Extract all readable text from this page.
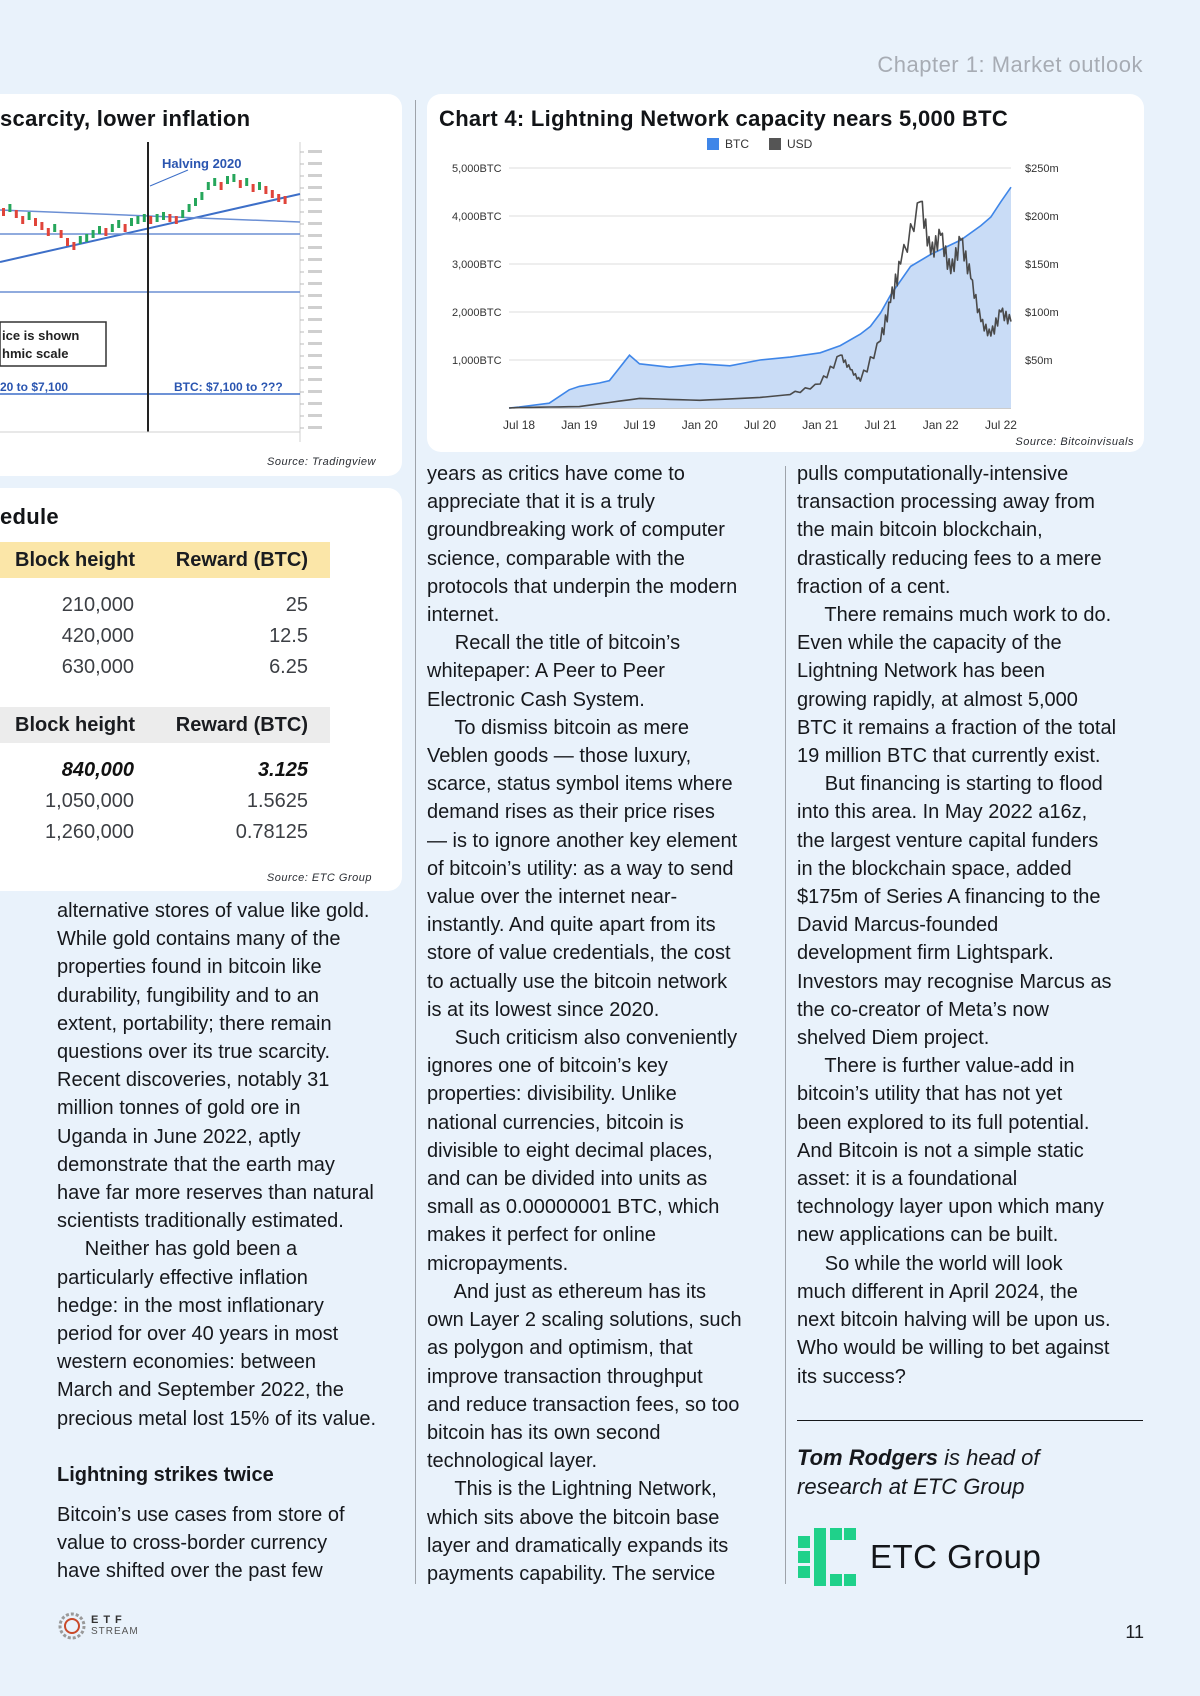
Chapter 1: Market outlook
scarcity, lower inflation
Halving 2020
ice is shown
hmic scale
20 to $7,100	BTC: $7,100 to ???
Source: Tradingview
edule
Block height Reward (BTC)
210,000	25
420,000	12.5
630,000	6.25
Block height Reward (BTC)
840,000	3.125
1,050,000	1.5625
1,260,000	0.78125
Source: ETC Group
1,000BTC
2,000BTC
3,000BTC
4,000BTC
5,000BTC
$50m
$100m
$150m
$200m
$250m
Jul 18 Jan 19 Jul 19 Jan 20 Jul 20 Jan 21 Jul 21 Jan 22 Jul 22
BTC	USD
Chart 4: Lightning Network capacity nears 5,000 BTC
Source: Bitcoinvisuals

alternative stores of value like gold.

While gold contains many of the

properties found in bitcoin like

durability, fungibility and to an

extent, portability; there remain

questions over its true scarcity.

Recent discoveries, notably 31

million tonnes of gold ore in

Uganda in June 2022, aptly

demonstrate that the earth may

have far more reserves than natural

scientists traditionally estimated.

Neither has gold been a

particularly effective inflation

hedge: in the most inflationary

period for over 40 years in most

western economies: between

March and September 2022, the

precious metal lost 15% of its value.

Lightning strikes twice

Bitcoin’s use cases from store of

value to cross-border currency

have shifted over the past few

years as critics have come to

appreciate that it is a truly

groundbreaking work of computer

science, comparable with the

protocols that underpin the modern

internet.

Recall the title of bitcoin’s

whitepaper: A Peer to Peer

Electronic Cash System.

To dismiss bitcoin as mere

Veblen goods — those luxury,

scarce, status symbol items where

demand rises as their price rises

— is to ignore another key element

of bitcoin’s utility: as a way to send

value over the internet near-

instantly. And quite apart from its

store of value credentials, the cost

to actually use the bitcoin network

is at its lowest since 2020.

Such criticism also conveniently

ignores one of bitcoin’s key

properties: divisibility. Unlike

national currencies, bitcoin is

divisible to eight decimal places,

and can be divided into units as

small as 0.00000001 BTC, which

makes it perfect for online

micropayments.

And just as ethereum has its

own Layer 2 scaling solutions, such

as polygon and optimism, that

improve transaction throughput

and reduce transaction fees, so too

bitcoin has its own second

technological layer.

This is the Lightning Network,

which sits above the bitcoin base

layer and dramatically expands its

payments capability. The service

pulls computationally-intensive

transaction processing away from

the main bitcoin blockchain,

drastically reducing fees to a mere

fraction of a cent.

There remains much work to do.

Even while the capacity of the

Lightning Network has been

growing rapidly, at almost 5,000

BTC it remains a fraction of the total

19 million BTC that currently exist.

But financing is starting to flood

into this area. In May 2022 a16z,

the largest venture capital funders

in the blockchain space, added

$175m of Series A financing to the

David Marcus-founded

development firm Lightspark.

Investors may recognise Marcus as

the co-creator of Meta’s now

shelved Diem project.

There is further value-add in

bitcoin’s utility that has not yet

been explored to its full potential.

And Bitcoin is not a simple static

asset: it is a foundational

technology layer upon which many

new applications can be built.

So while the world will look

much different in April 2024, the

next bitcoin halving will be upon us.

Who would be willing to bet against

its success?

Tom Rodgers is head of
research at ETC Group
ETC Group
ETF
STREAM	11
